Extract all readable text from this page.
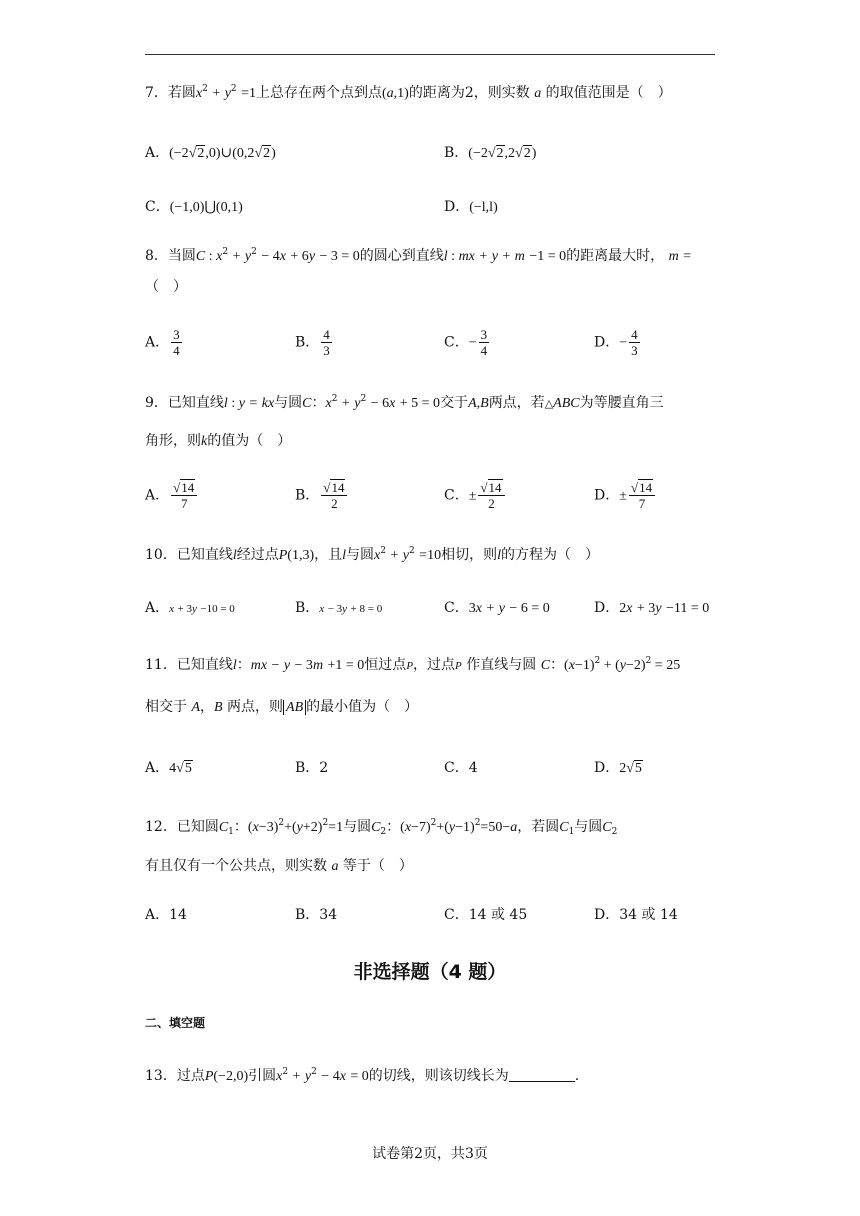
7．若圆$x^2 + y^2 =1$上总存在两个点到点(a,1)的距离为2，则实数 a 的取值范围是（　）
A．(−2√2,0)∪(0,2√2)	B．(−2√2,2√2)
C．(−1,0)⋃(0,1)	D．(−l,l)
8．当圆C : $x^2 + y^2 - 4x + 6y - 3 = 0$的圆心到直线l : mx + y + m −1 = 0的距离最大时， m =
（　）
A． $\frac{3}{4}$	B． $\frac{4}{3}$	C．− $\frac{3}{4}$	D．− $\frac{4}{3}$
9．已知直线l : y = kx与圆C：$x^2 + y^2 - 6x + 5 = 0$交于A,B两点，若△ABC为等腰直角三
角形，则k的值为（　）
A． $\frac{√14}{7}$	B． $\frac{√14}{2}$	C．± $\frac{√14}{2}$	D．± $\frac{√14}{7}$
10．已知直线l经过点P(1,3)，且l与圆$x^2 + y^2 =10$相切，则l的方程为（　）
A．x + 3y −10 = 0	B．x − 3y + 8 = 0	C．3x + y − 6 = 0	D．2x + 3y −11 = 0
11．已知直线l：mx − y − 3m +1 = 0恒过点P，过点P 作直线与圆 C：$(x-1)^2 + (y-2)^2 = 25$
相交于 A，B 两点，则 AB 的最小值为（　）
A．4√5	B．2	C．4	D．2√5
12．已知圆$C_1$：$(x-3)^2+(y+2)^2=1$与圆$C_2$：$(x-7)^2+(y-1)^2=50-a$，若圆$C_1$与圆$C_2$
有且仅有一个公共点，则实数 a 等于（　）
A．14	B．34	C．14 或 45	D．34 或 14
非选择题（4 题）
二、填空题
13．过点P(−2,0)引圆$x^2 + y^2 - 4x = 0$的切线，则该切线长为	.
试卷第2页，共3页
